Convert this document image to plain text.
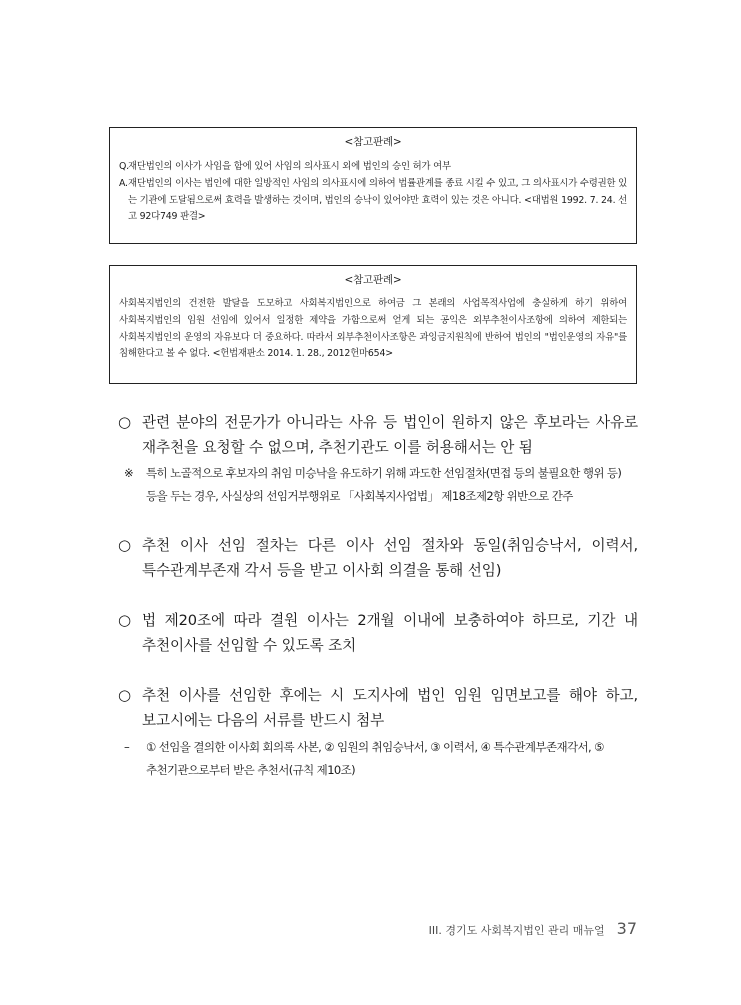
<참고판례>
Q. 재단법인의 이사가 사임을 함에 있어 사임의 의사표시 외에 법인의 승인 허가 여부
A. 재단법인의 이사는 법인에 대한 일방적인 사임의 의사표시에 의하여 법률관계를 종료 시킬 수 있고, 그 의사표시가 수령권한 있는 기관에 도달됨으로써 효력을 발생하는 것이며, 법인의 승낙이 있어야만 효력이 있는 것은 아니다. <대법원 1992. 7. 24. 선고 92다749 판결>
<참고판례>
사회복지법인의 건전한 발달을 도모하고 사회복지법인으로 하여금 그 본래의 사업목적사업에 충실하게 하기 위하여 사회복지법인의 임원 선임에 있어서 일정한 제약을 가함으로써 얻게 되는 공익은 외부추천이사조항에 의하여 제한되는 사회복지법인의 운영의 자유보다 더 중요하다. 따라서 외부추천이사조항은 과잉금지원칙에 반하여 법인의 "법인운영의 자유"를 침해한다고 볼 수 없다. <헌법재판소 2014. 1. 28., 2012헌마654>
○ 관련 분야의 전문가가 아니라는 사유 등 법인이 원하지 않은 후보라는 사유로 재추천을 요청할 수 없으며, 추천기관도 이를 허용해서는 안 됨
※	특히 노골적으로 후보자의 취임 미승낙을 유도하기 위해 과도한 선임절차(면접 등의 불필요한 행위 등) 등을 두는 경우, 사실상의 선임거부행위로 「사회복지사업법」 제18조제2항 위반으로 간주
○ 추천 이사 선임 절차는 다른 이사 선임 절차와 동일(취임승낙서, 이력서, 특수관계부존재 각서 등을 받고 이사회 의결을 통해 선임)
○ 법 제20조에 따라 결원 이사는 2개월 이내에 보충하여야 하므로, 기간 내 추천이사를 선임할 수 있도록 조치
○ 추천 이사를 선임한 후에는 시 도지사에 법인 임원 임면보고를 해야 하고, 보고시에는 다음의 서류를 반드시 첨부
–	① 선임을 결의한 이사회 회의록 사본, ② 임원의 취임승낙서, ③ 이력서, ④ 특수관계부존재각서, ⑤ 추천기관으로부터 받은 추천서(규칙 제10조)
III. 경기도 사회복지법인 관리 매뉴얼 37
